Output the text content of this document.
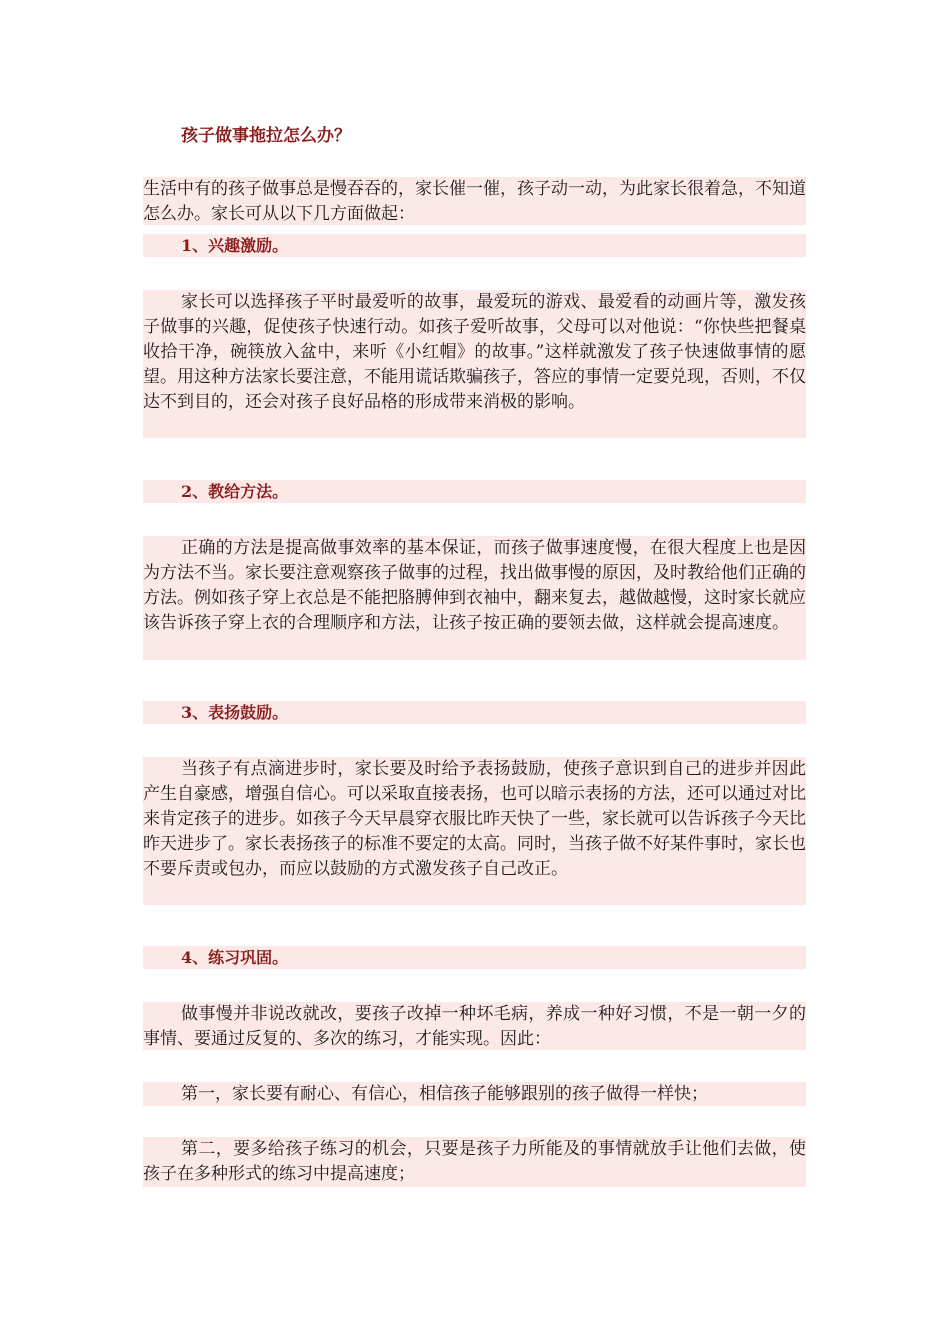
孩子做事拖拉怎么办？

生活中有的孩子做事总是慢吞吞的，家长催一催，孩子动一动，为此家长很着急，不知道怎么办。家长可从以下几方面做起：

1、兴趣激励。

家长可以选择孩子平时最爱听的故事，最爱玩的游戏、最爱看的动画片等，激发孩子做事的兴趣，促使孩子快速行动。如孩子爱听故事，父母可以对他说：“你快些把餐桌收拾干净，碗筷放入盆中，来听《小红帽》的故事。”这样就激发了孩子快速做事情的愿望。用这种方法家长要注意，不能用谎话欺骗孩子，答应的事情一定要兑现，否则，不仅达不到目的，还会对孩子良好品格的形成带来消极的影响。

2、教给方法。

正确的方法是提高做事效率的基本保证，而孩子做事速度慢，在很大程度上也是因为方法不当。家长要注意观察孩子做事的过程，找出做事慢的原因，及时教给他们正确的方法。例如孩子穿上衣总是不能把胳膊伸到衣袖中，翻来复去，越做越慢，这时家长就应该告诉孩子穿上衣的合理顺序和方法，让孩子按正确的要领去做，这样就会提高速度。

3、表扬鼓励。

当孩子有点滴进步时，家长要及时给予表扬鼓励，使孩子意识到自己的进步并因此产生自豪感，增强自信心。可以采取直接表扬，也可以暗示表扬的方法，还可以通过对比来肯定孩子的进步。如孩子今天早晨穿衣服比昨天快了一些，家长就可以告诉孩子今天比昨天进步了。家长表扬孩子的标准不要定的太高。同时，当孩子做不好某件事时，家长也不要斥责或包办，而应以鼓励的方式激发孩子自己改正。

4、练习巩固。

做事慢并非说改就改，要孩子改掉一种坏毛病，养成一种好习惯，不是一朝一夕的事情、要通过反复的、多次的练习，才能实现。因此：

第一，家长要有耐心、有信心，相信孩子能够跟别的孩子做得一样快；

第二，要多给孩子练习的机会，只要是孩子力所能及的事情就放手让他们去做，使孩子在多种形式的练习中提高速度；
